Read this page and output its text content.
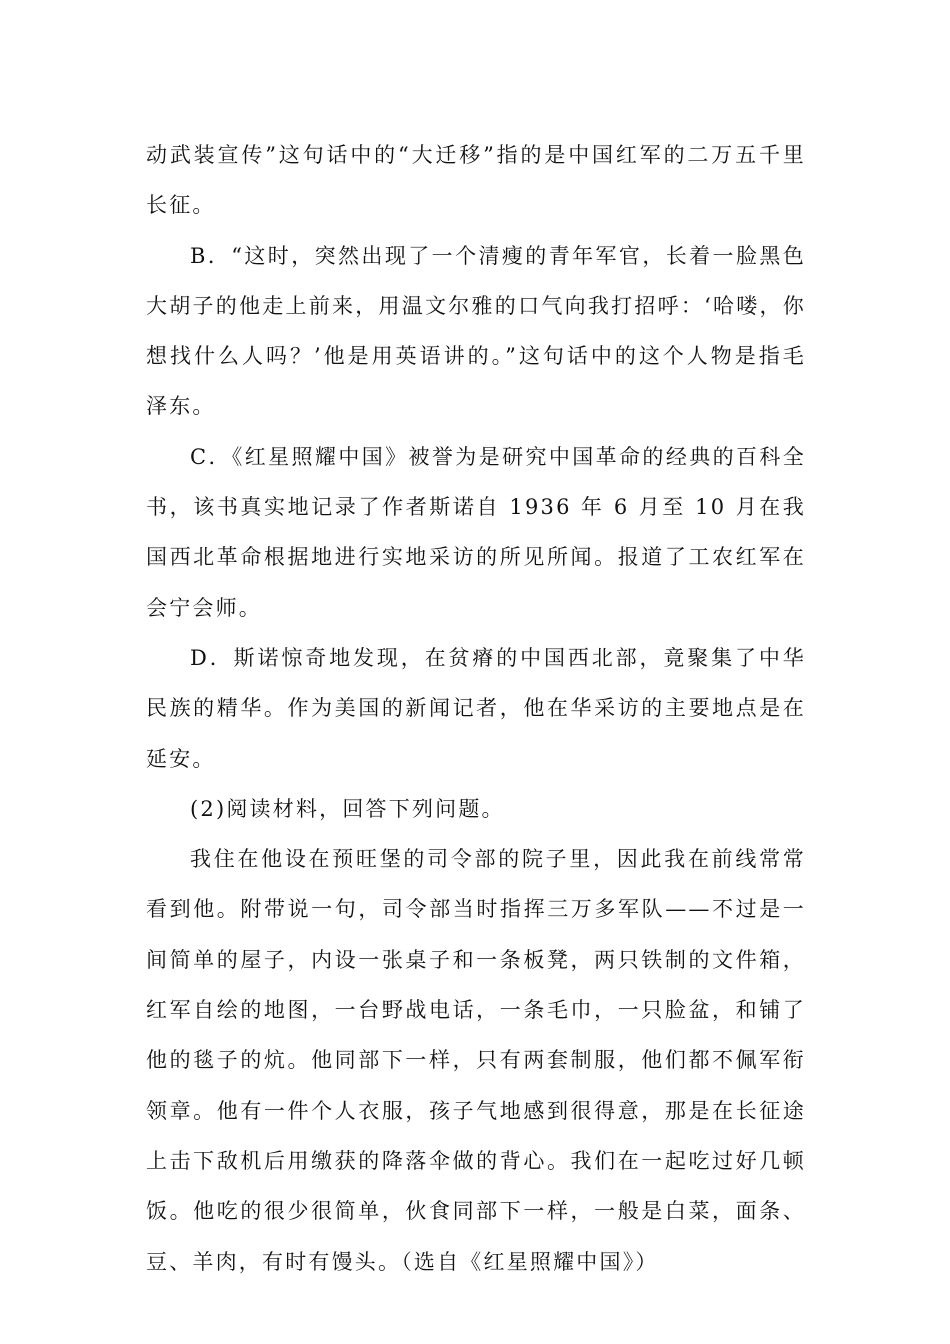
动武装宣传”这句话中的“大迁移”指的是中国红军的二万五千里长征。

B．“这时，突然出现了一个清瘦的青年军官，长着一脸黑色大胡子的他走上前来，用温文尔雅的口气向我打招呼：‘哈喽，你想找什么人吗？’他是用英语讲的。”这句话中的这个人物是指毛泽东。

C．《红星照耀中国》被誉为是研究中国革命的经典的百科全书，该书真实地记录了作者斯诺自 1936 年 6 月至 10 月在我国西北革命根据地进行实地采访的所见所闻。报道了工农红军在会宁会师。

D．斯诺惊奇地发现，在贫瘠的中国西北部，竟聚集了中华民族的精华。作为美国的新闻记者，他在华采访的主要地点是在延安。

(2)阅读材料，回答下列问题。

我住在他设在预旺堡的司令部的院子里，因此我在前线常常看到他。附带说一句，司令部当时指挥三万多军队——不过是一间简单的屋子，内设一张桌子和一条板凳，两只铁制的文件箱，红军自绘的地图，一台野战电话，一条毛巾，一只脸盆，和铺了他的毯子的炕。他同部下一样，只有两套制服，他们都不佩军衔领章。他有一件个人衣服，孩子气地感到很得意，那是在长征途上击下敌机后用缴获的降落伞做的背心。我们在一起吃过好几顿饭。他吃的很少很简单，伙食同部下一样，一般是白菜，面条、豆、羊肉，有时有馒头。（选自《红星照耀中国》）
